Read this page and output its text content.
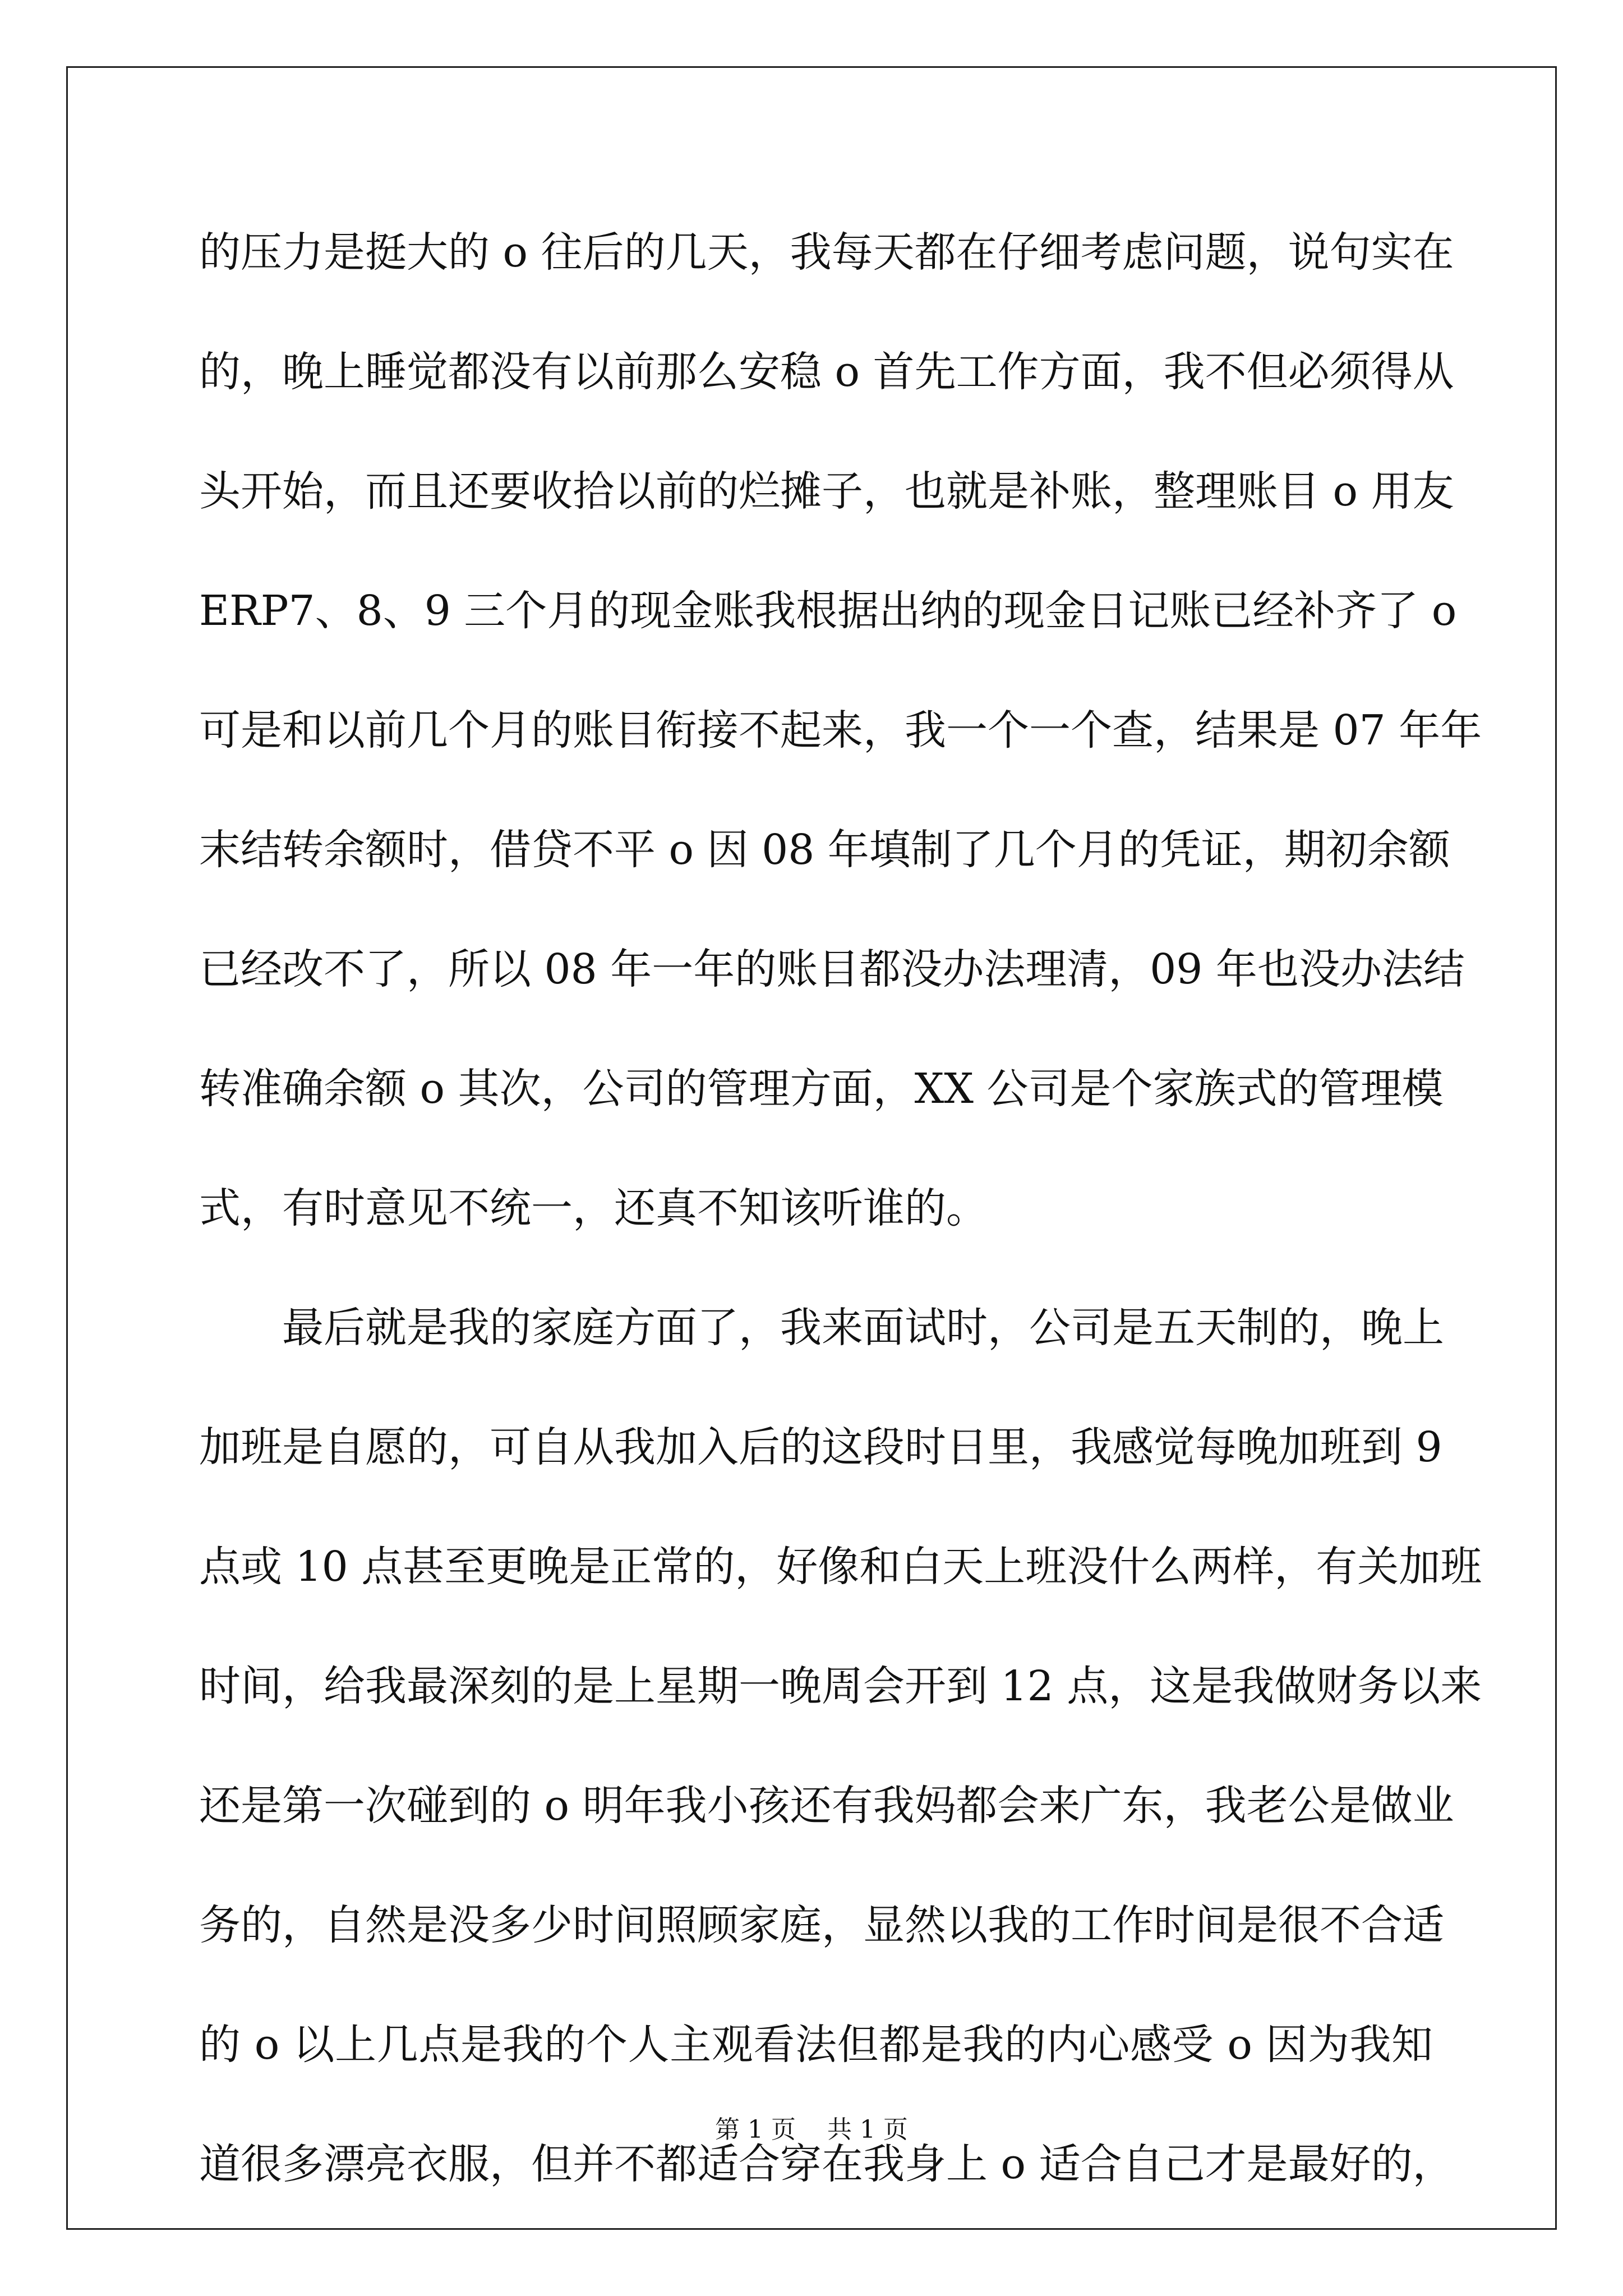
的压力是挺大的 o 往后的几天，我每天都在仔细考虑问题，说句实在
的，晚上睡觉都没有以前那么安稳 o 首先工作方面，我不但必须得从
头开始，而且还要收拾以前的烂摊子，也就是补账，整理账目 o 用友
ERP7、8、9 三个月的现金账我根据出纳的现金日记账已经补齐了 o
可是和以前几个月的账目衔接不起来，我一个一个查，结果是 07 年年
末结转余额时，借贷不平 o 因 08 年填制了几个月的凭证，期初余额
已经改不了，所以 08 年一年的账目都没办法理清，09 年也没办法结
转准确余额 o 其次，公司的管理方面，XX 公司是个家族式的管理模
式，有时意见不统一，还真不知该听谁的。
最后就是我的家庭方面了，我来面试时，公司是五天制的，晚上
加班是自愿的，可自从我加入后的这段时日里，我感觉每晚加班到 9
点或 10 点甚至更晚是正常的，好像和白天上班没什么两样，有关加班
时间，给我最深刻的是上星期一晚周会开到 12 点，这是我做财务以来
还是第一次碰到的 o 明年我小孩还有我妈都会来广东，我老公是做业
务的，自然是没多少时间照顾家庭，显然以我的工作时间是很不合适
的 o 以上几点是我的个人主观看法但都是我的内心感受 o 因为我知
道很多漂亮衣服，但并不都适合穿在我身上 o 适合自己才是最好的，
第 1 页 共 1 页
